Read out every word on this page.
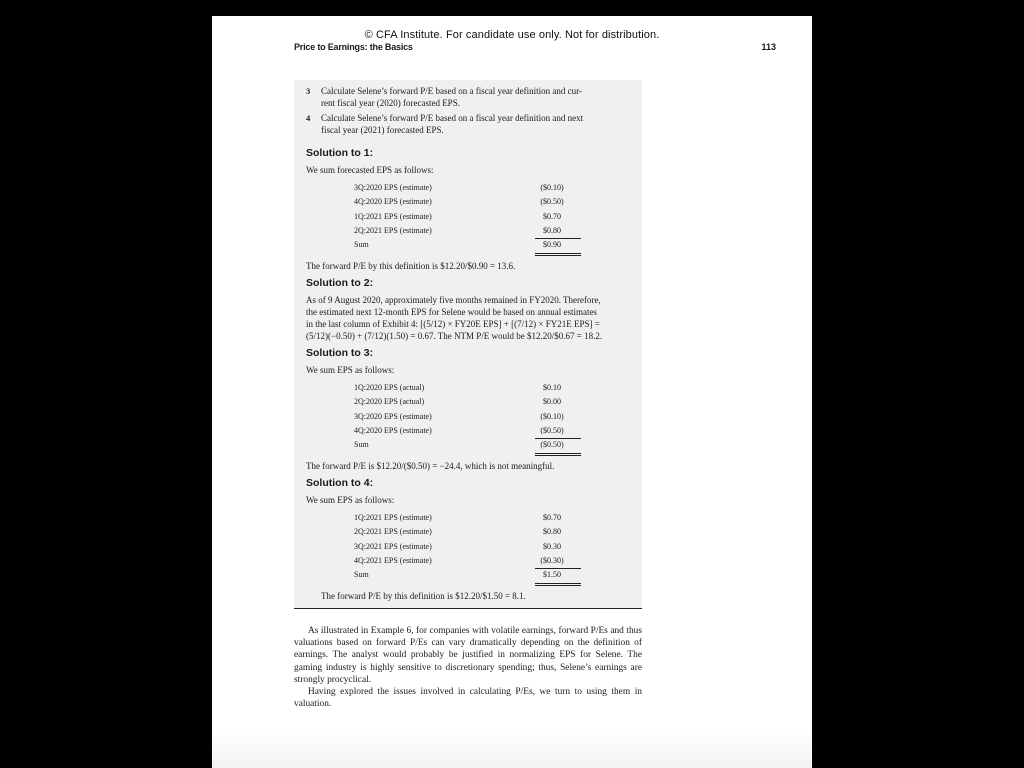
© CFA Institute. For candidate use only. Not for distribution.
Price to Earnings: the Basics	113
3 Calculate Selene’s forward P/E based on a fiscal year definition and cur-
rent fiscal year (2020) forecasted EPS.
4 Calculate Selene’s forward P/E based on a fiscal year definition and next
fiscal year (2021) forecasted EPS.
Solution to 1:
We sum forecasted EPS as follows:
3Q:2020 EPS (estimate)	($0.10)
4Q:2020 EPS (estimate)	($0.50)
1Q:2021 EPS (estimate)	$0.70
2Q:2021 EPS (estimate)	$0.80
Sum	$0.90
The forward P/E by this definition is $12.20/$0.90 = 13.6.
Solution to 2:
As of 9 August 2020, approximately five months remained in FY2020. Therefore,
the estimated next 12-month EPS for Selene would be based on annual estimates
in the last column of Exhibit 4: [(5/12) × FY20E EPS] + [(7/12) × FY21E EPS] =
(5/12)(−0.50) + (7/12)(1.50) = 0.67. The NTM P/E would be $12.20/$0.67 = 18.2.
Solution to 3:
We sum EPS as follows:
1Q:2020 EPS (actual)	$0.10
2Q:2020 EPS (actual)	$0.00
3Q:2020 EPS (estimate)	($0.10)
4Q:2020 EPS (estimate)	($0.50)
Sum	($0.50)
The forward P/E is $12.20/($0.50) = −24.4, which is not meaningful.
Solution to 4:
We sum EPS as follows:
1Q:2021 EPS (estimate)	$0.70
2Q:2021 EPS (estimate)	$0.80
3Q:2021 EPS (estimate)	$0.30
4Q:2021 EPS (estimate)	($0.30)
Sum	$1.50
The forward P/E by this definition is $12.20/$1.50 = 8.1.

As illustrated in Example 6, for companies with volatile earnings, forward P/Es and thus valuations based on forward P/Es can vary dramatically depending on the definition of earnings. The analyst would probably be justified in normalizing EPS for Selene. The gaming industry is highly sensitive to discretionary spending; thus, Selene’s earnings are strongly procyclical.

Having explored the issues involved in calculating P/Es, we turn to using them in valuation.
